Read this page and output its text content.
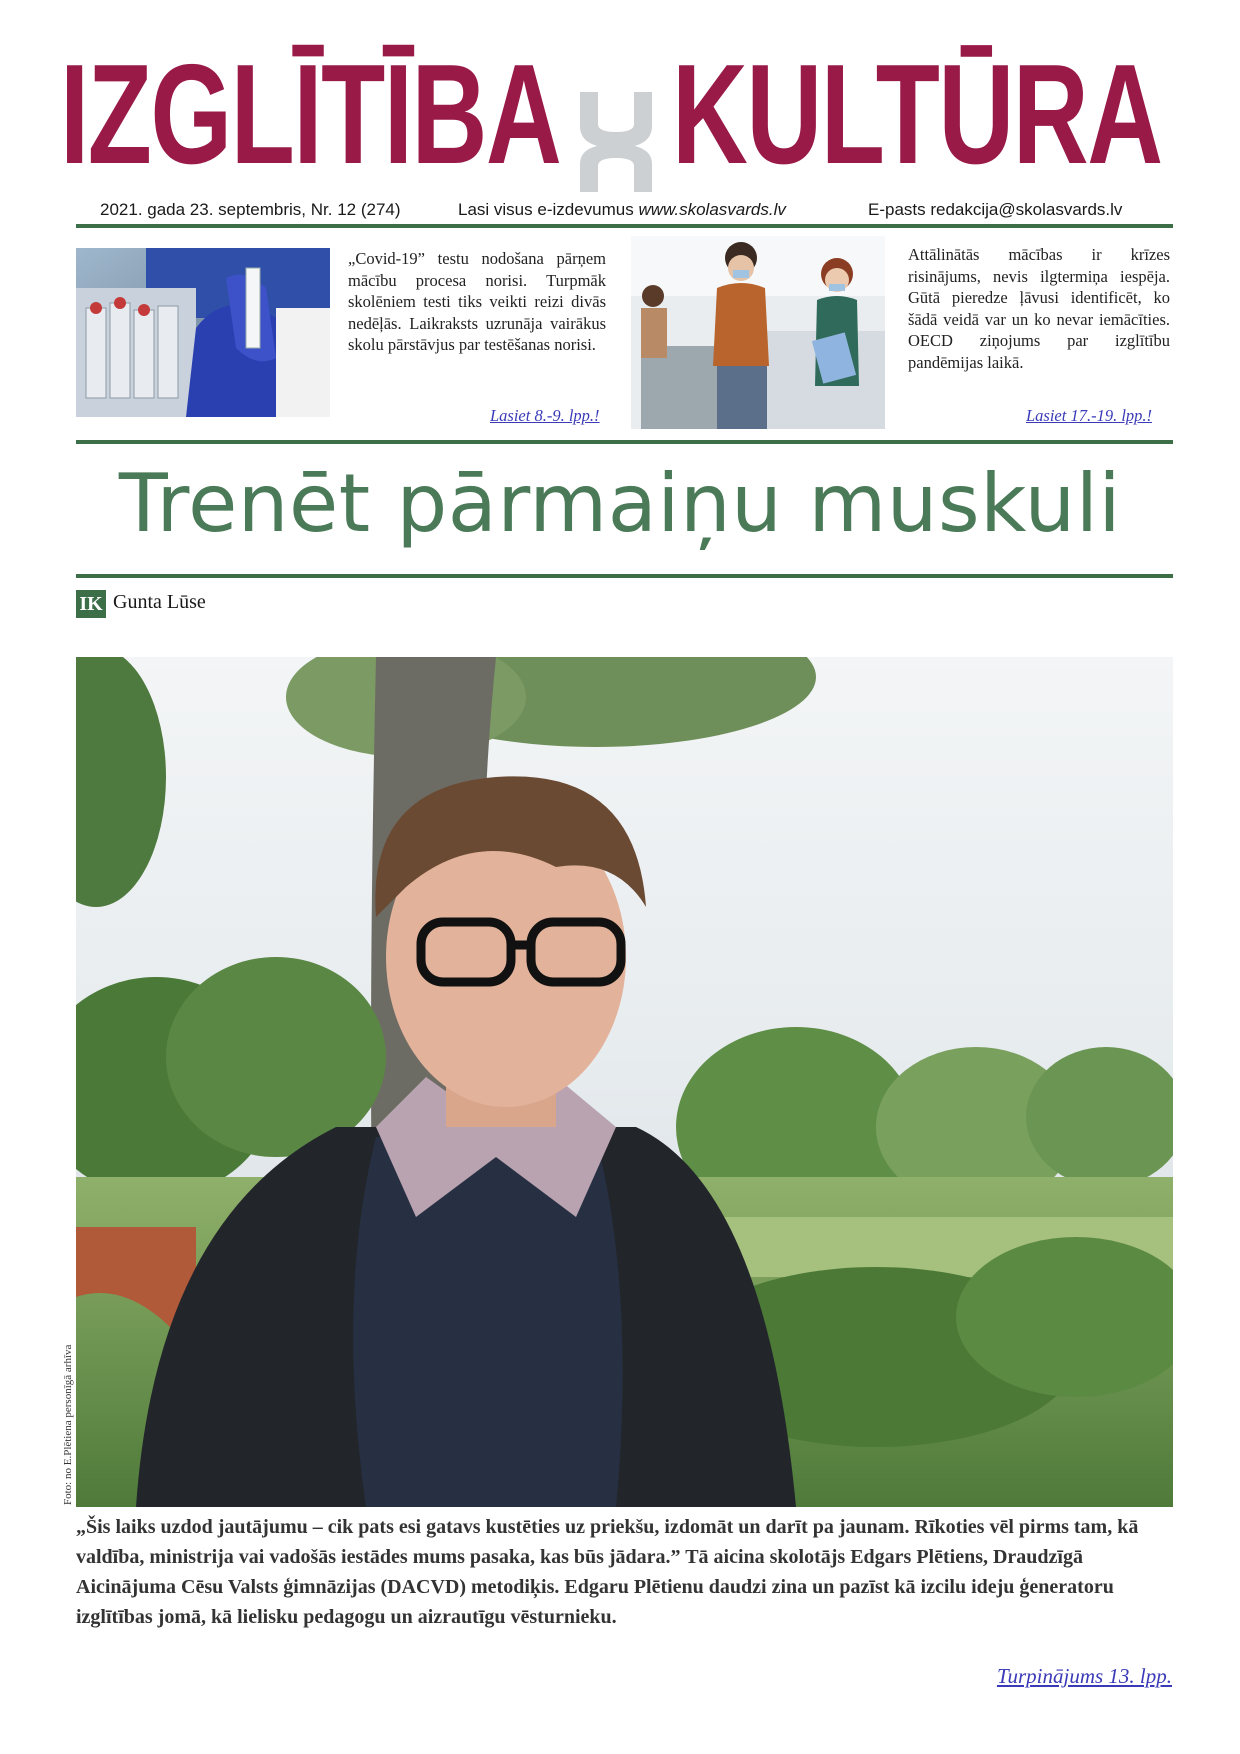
IZGLĪTĪBA KULTŪRA
2021. gada 23. septembris, Nr. 12 (274)	Lasi visus e-izdevumus www.skolasvards.lv	E-pasts redakcija@skolasvards.lv
„Covid-19” testu nodošana pārņem mācību procesa norisi. Turpmāk skolēniem testi tiks veikti reizi divās nedēļās. Laikraksts uzrunāja vairākus skolu pārstāvjus par testēšanas norisi.
Lasiet 8.-9. lpp.!
Attālinātās mācības ir krīzes risinājums, nevis ilgtermiņa iespēja. Gūtā pieredze ļāvusi identificēt, ko šādā veidā var un ko nevar iemācīties. OECD ziņojums par izglītību pandēmijas laikā.
Lasiet 17.-19. lpp.!
Trenēt pārmaiņu muskuli
IK Gunta Lūse
Foto: no E.Plētiena personīgā arhīva
„Šis laiks uzdod jautājumu – cik pats esi gatavs kustēties uz priekšu, izdomāt un darīt pa jaunam. Rīkoties vēl pirms tam, kā valdība, ministrija vai vadošās iestādes mums pasaka, kas būs jādara.” Tā aicina skolotājs Edgars Plētiens, Draudzīgā Aicinājuma Cēsu Valsts ģimnāzijas (DACVD) metodiķis. Edgaru Plētienu daudzi zina un pazīst kā izcilu ideju ģeneratoru izglītības jomā, kā lielisku pedagogu un aizrautīgu vēsturnieku.
Turpinājums 13. lpp.
